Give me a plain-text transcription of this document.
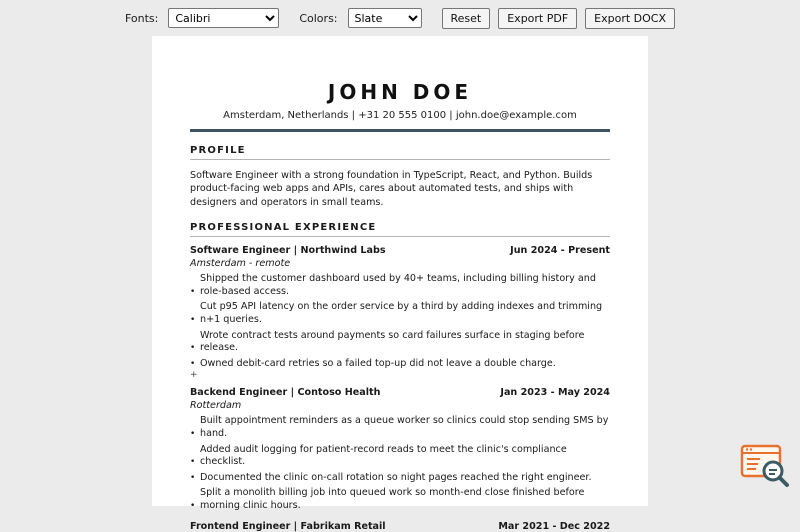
Fonts:
Calibri	Colors:
Slate	Reset	Export PDF	Export DOCX
JOHN DOE
Amsterdam, Netherlands | +31 20 555 0100 | john.doe@example.com
PROFILE
Software Engineer with a strong foundation in TypeScript, React, and Python. Builds product-facing web apps and APIs, cares about automated tests, and ships with designers and operators in small teams.
PROFESSIONAL EXPERIENCE
Software Engineer | Northwind Labs	Jun 2024 - Present
Amsterdam - remote
•
Shipped the customer dashboard used by 40+ teams, including billing history and role-based access.
•
Cut p95 API latency on the order service by a third by adding indexes and trimming n+1 queries.
•
Wrote contract tests around payments so card failures surface in staging before release.
• Owned debit-card retries so a failed top-up did not leave a double charge.
+
Backend Engineer | Contoso Health	Jan 2023 - May 2024
Rotterdam
•
Built appointment reminders as a queue worker so clinics could stop sending SMS by hand.
•
Added audit logging for patient-record reads to meet the clinic's compliance checklist.
• Documented the clinic on-call rotation so night pages reached the right engineer.
•
Split a monolith billing job into queued work so month-end close finished before morning clinic hours.
Frontend Engineer | Fabrikam Retail	Mar 2021 - Dec 2022
